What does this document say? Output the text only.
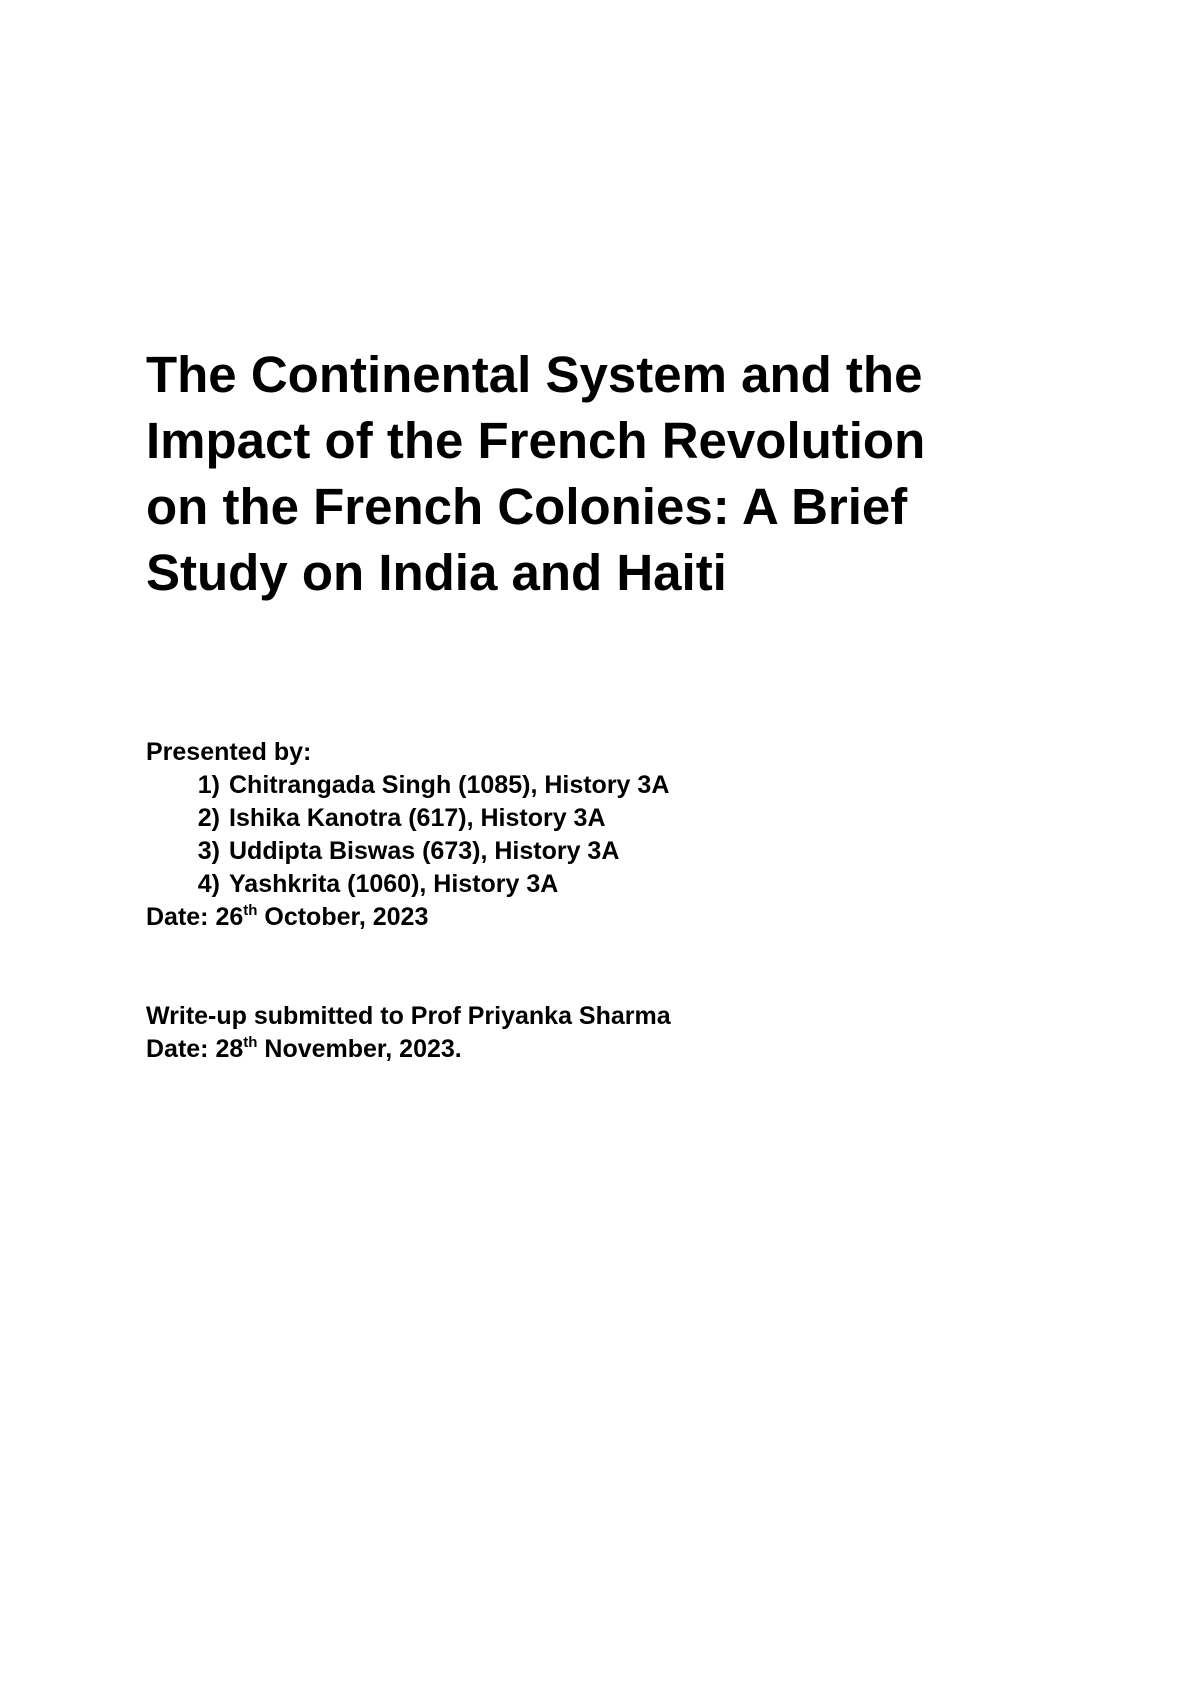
The Continental System and the
Impact of the French Revolution
on the French Colonies: A Brief
Study on India and Haiti
Presented by:
1) Chitrangada Singh (1085), History 3A
2) Ishika Kanotra (617), History 3A
3) Uddipta Biswas (673), History 3A
4) Yashkrita (1060), History 3A
Date: 26th October, 2023
Write-up submitted to Prof Priyanka Sharma
Date: 28th November, 2023.
